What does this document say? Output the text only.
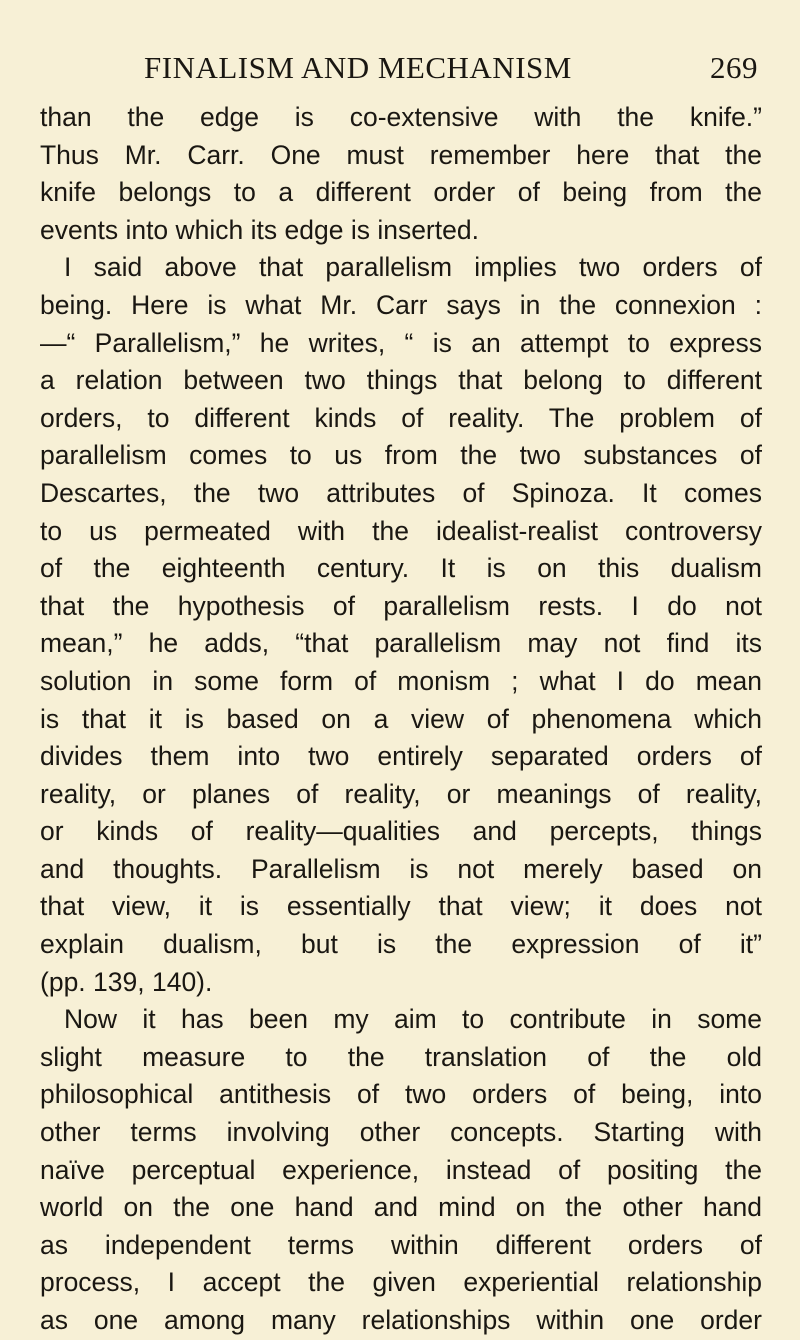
FINALISM AND MECHANISM	269
than the edge is co-extensive with the knife.”
Thus Mr. Carr. One must remember here that the
knife belongs to a different order of being from the
events into which its edge is inserted.
I said above that parallelism implies two orders of
being. Here is what Mr. Carr says in the connexion :
—“ Parallelism,” he writes, “ is an attempt to express
a relation between two things that belong to different
orders, to different kinds of reality. The problem of
parallelism comes to us from the two substances of
Descartes, the two attributes of Spinoza. It comes
to us permeated with the idealist-realist controversy
of the eighteenth century. It is on this dualism
that the hypothesis of parallelism rests. I do not
mean,” he adds, “that parallelism may not find its
solution in some form of monism ; what I do mean
is that it is based on a view of phenomena which
divides them into two entirely separated orders of
reality, or planes of reality, or meanings of reality,
or kinds of reality—qualities and percepts, things
and thoughts. Parallelism is not merely based on
that view, it is essentially that view; it does not
explain dualism, but is the expression of it”
(pp. 139, 140).
Now it has been my aim to contribute in some
slight measure to the translation of the old
philosophical antithesis of two orders of being, into
other terms involving other concepts. Starting with
naïve perceptual experience, instead of positing the
world on the one hand and mind on the other hand
as independent terms within different orders of
process, I accept the given experiential relationship
as one among many relationships within one order
